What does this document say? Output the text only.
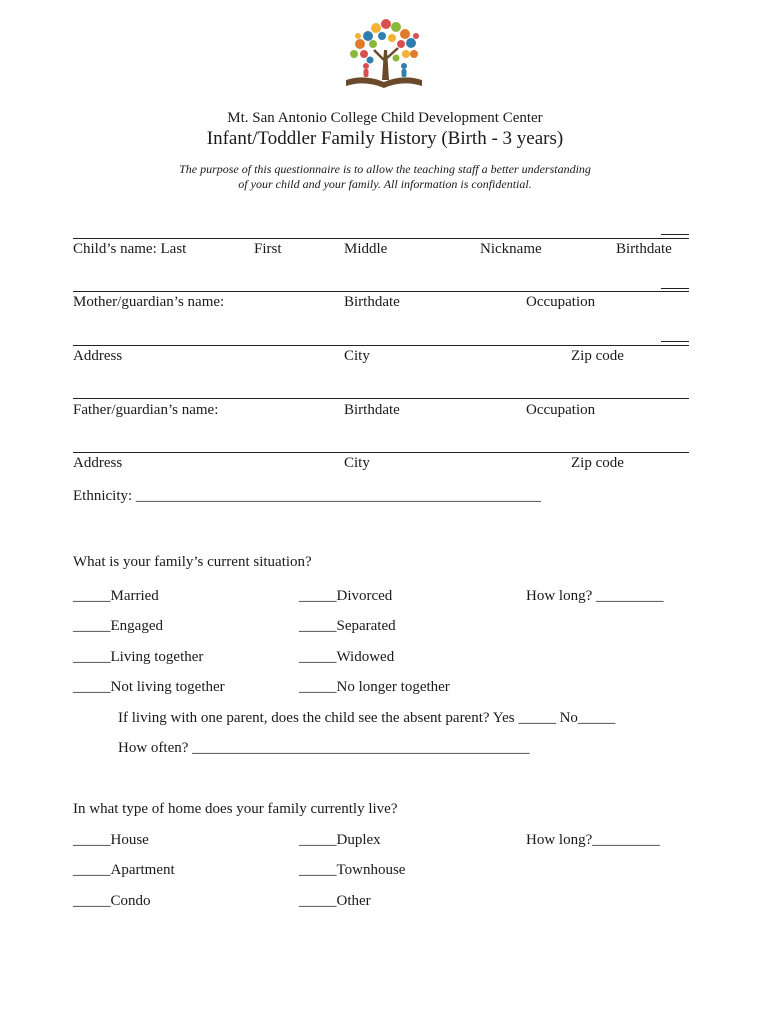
Mt. San Antonio College Child Development Center
Infant/Toddler Family History (Birth - 3 years)
The purpose of this questionnaire is to allow the teaching staff a better understanding
of your child and your family. All information is confidential.
Child’s name: Last	First	Middle	Nickname	Birthdate
Mother/guardian’s name:	Birthdate	Occupation
Address	City	Zip code
Father/guardian’s name:	Birthdate	Occupation
Address	City	Zip code
Ethnicity: ______________________________________________________
What is your family’s current situation?
_____Married	_____Divorced	How long? _________
_____Engaged	_____Separated
_____Living together	_____Widowed
_____Not living together	_____No longer together
If living with one parent, does the child see the absent parent? Yes _____ No_____
How often? _____________________________________________
In what type of home does your family currently live?
_____House	_____Duplex	How long?_________
_____Apartment	_____Townhouse
_____Condo	_____Other
